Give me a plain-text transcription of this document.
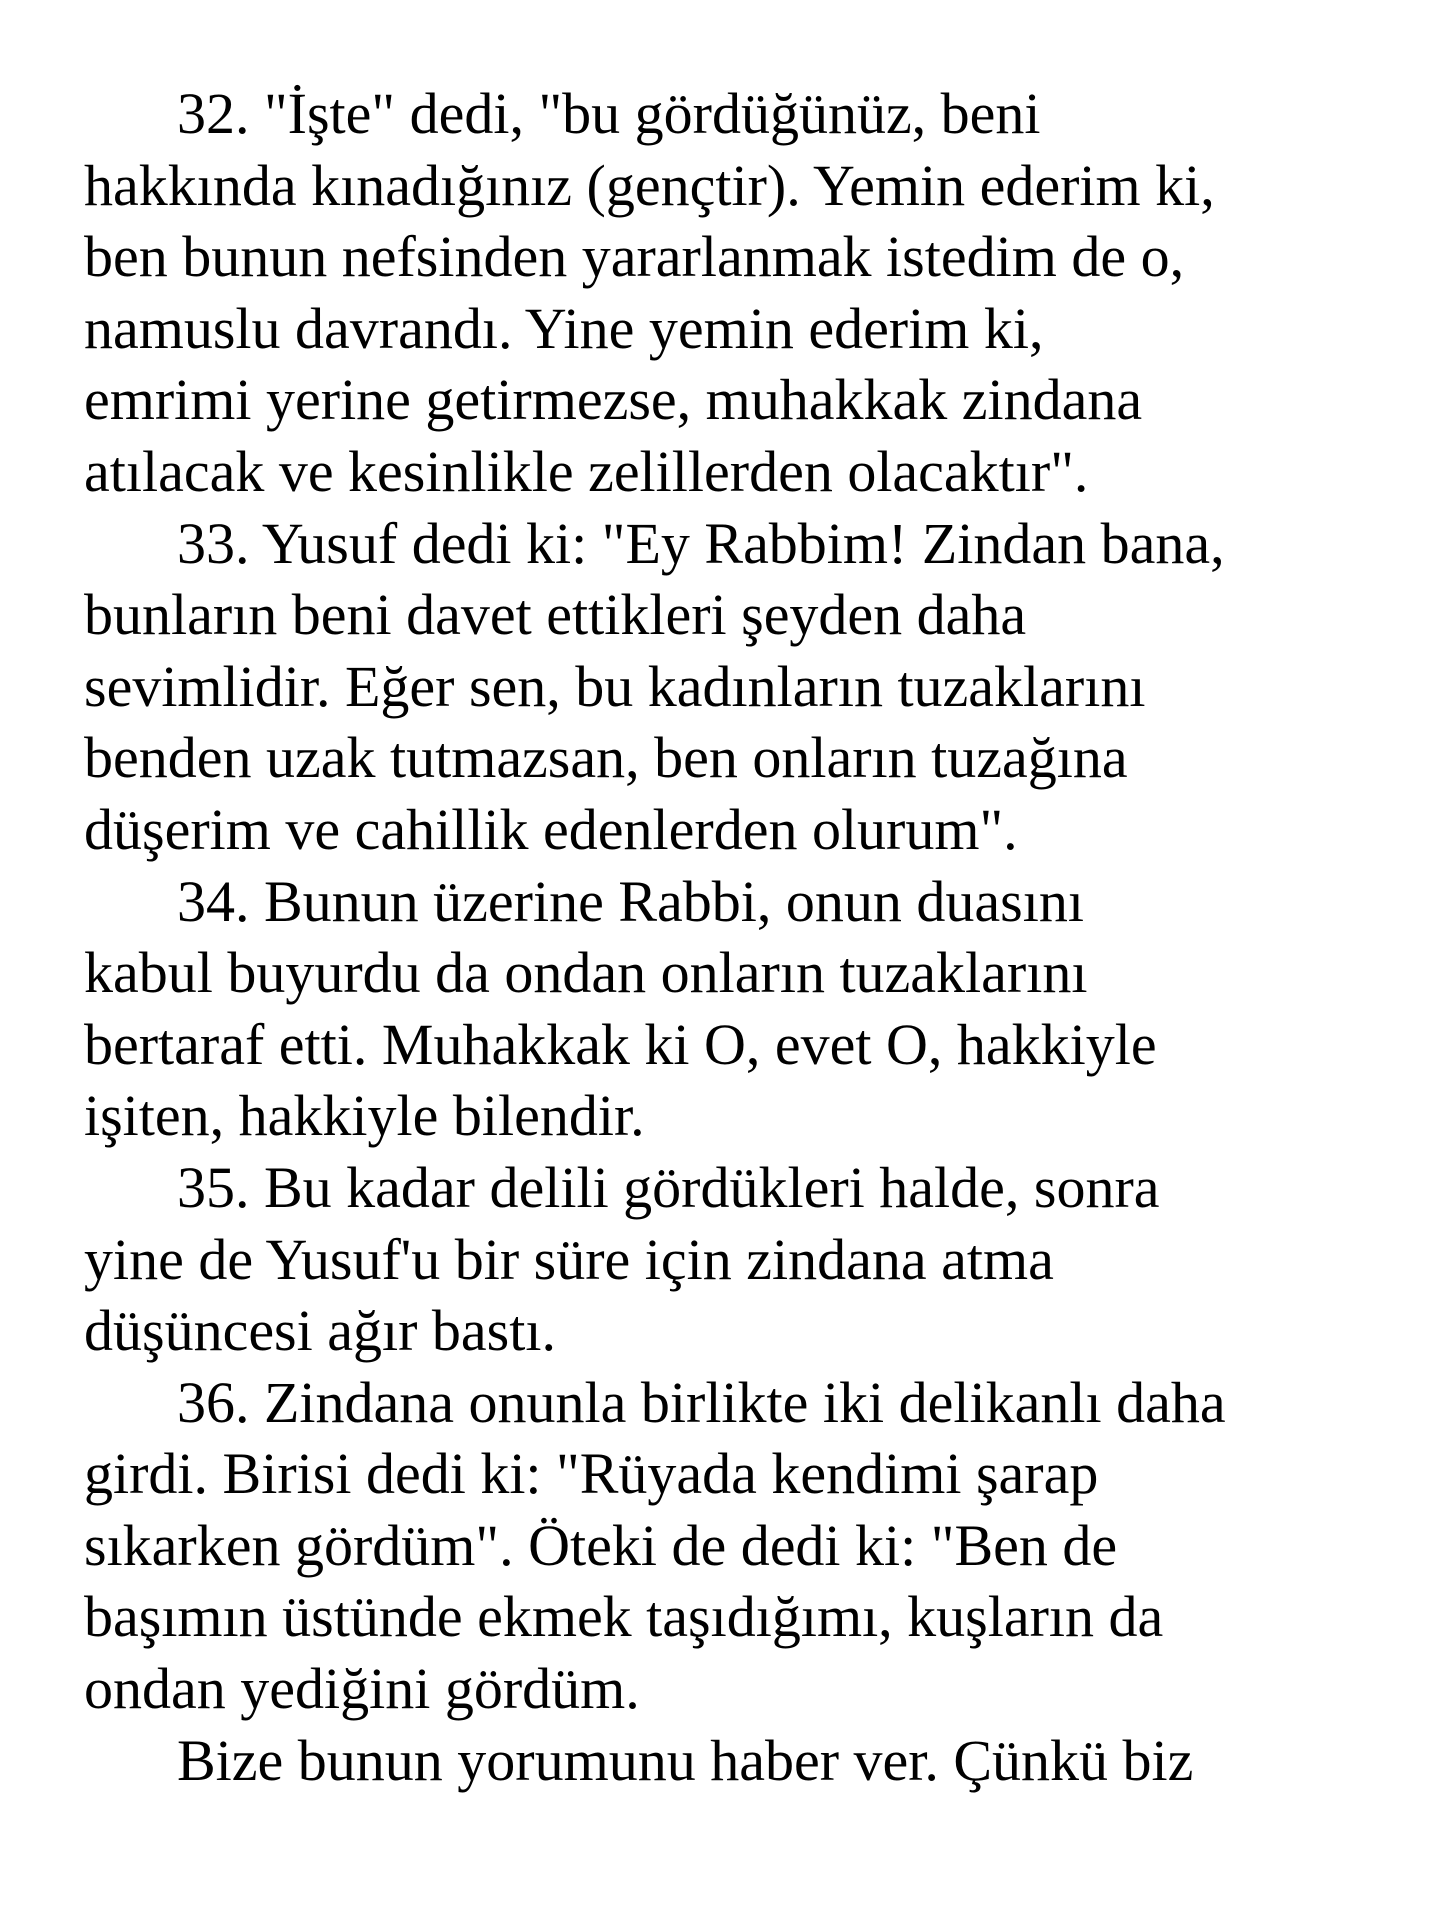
32. "İşte" dedi, "bu gördüğünüz, beni
hakkında kınadığınız (gençtir). Yemin ederim ki,
ben bunun nefsinden yararlanmak istedim de o,
namuslu davrandı. Yine yemin ederim ki,
emrimi yerine getirmezse, muhakkak zindana
atılacak ve kesinlikle zelillerden olacaktır".
33. Yusuf dedi ki: "Ey Rabbim! Zindan bana,
bunların beni davet ettikleri şeyden daha
sevimlidir. Eğer sen, bu kadınların tuzaklarını
benden uzak tutmazsan, ben onların tuzağına
düşerim ve cahillik edenlerden olurum".
34. Bunun üzerine Rabbi, onun duasını
kabul buyurdu da ondan onların tuzaklarını
bertaraf etti. Muhakkak ki O, evet O, hakkiyle
işiten, hakkiyle bilendir.
35. Bu kadar delili gördükleri halde, sonra
yine de Yusuf'u bir süre için zindana atma
düşüncesi ağır bastı.
36. Zindana onunla birlikte iki delikanlı daha
girdi. Birisi dedi ki: "Rüyada kendimi şarap
sıkarken gördüm". Öteki de dedi ki: "Ben de
başımın üstünde ekmek taşıdığımı, kuşların da
ondan yediğini gördüm.
Bize bunun yorumunu haber ver. Çünkü biz
